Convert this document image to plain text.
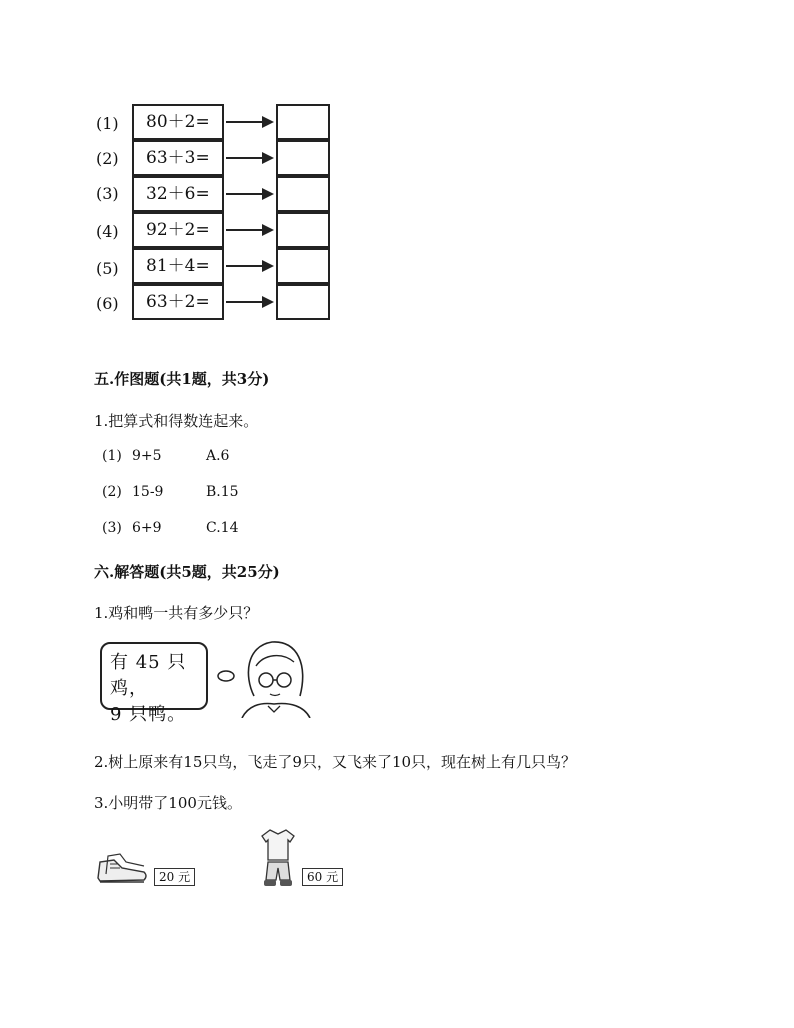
(1)	80＋2=
(2)	63＋3=
(3)	32＋6=
(4)	92＋2=
(5)	81＋4=
(6)	63＋2=
五.作图题(共1题，共3分)
1.把算式和得数连起来。
(1) 9+5	A.6
(2) 15-9	B.15
(3) 6+9	C.14
六.解答题(共5题，共25分)
1.鸡和鸭一共有多少只？
有 45 只鸡，
9 只鸭。
2.树上原来有15只鸟，飞走了9只，又飞来了10只，现在树上有几只鸟？
3.小明带了100元钱。
20 元	60 元
